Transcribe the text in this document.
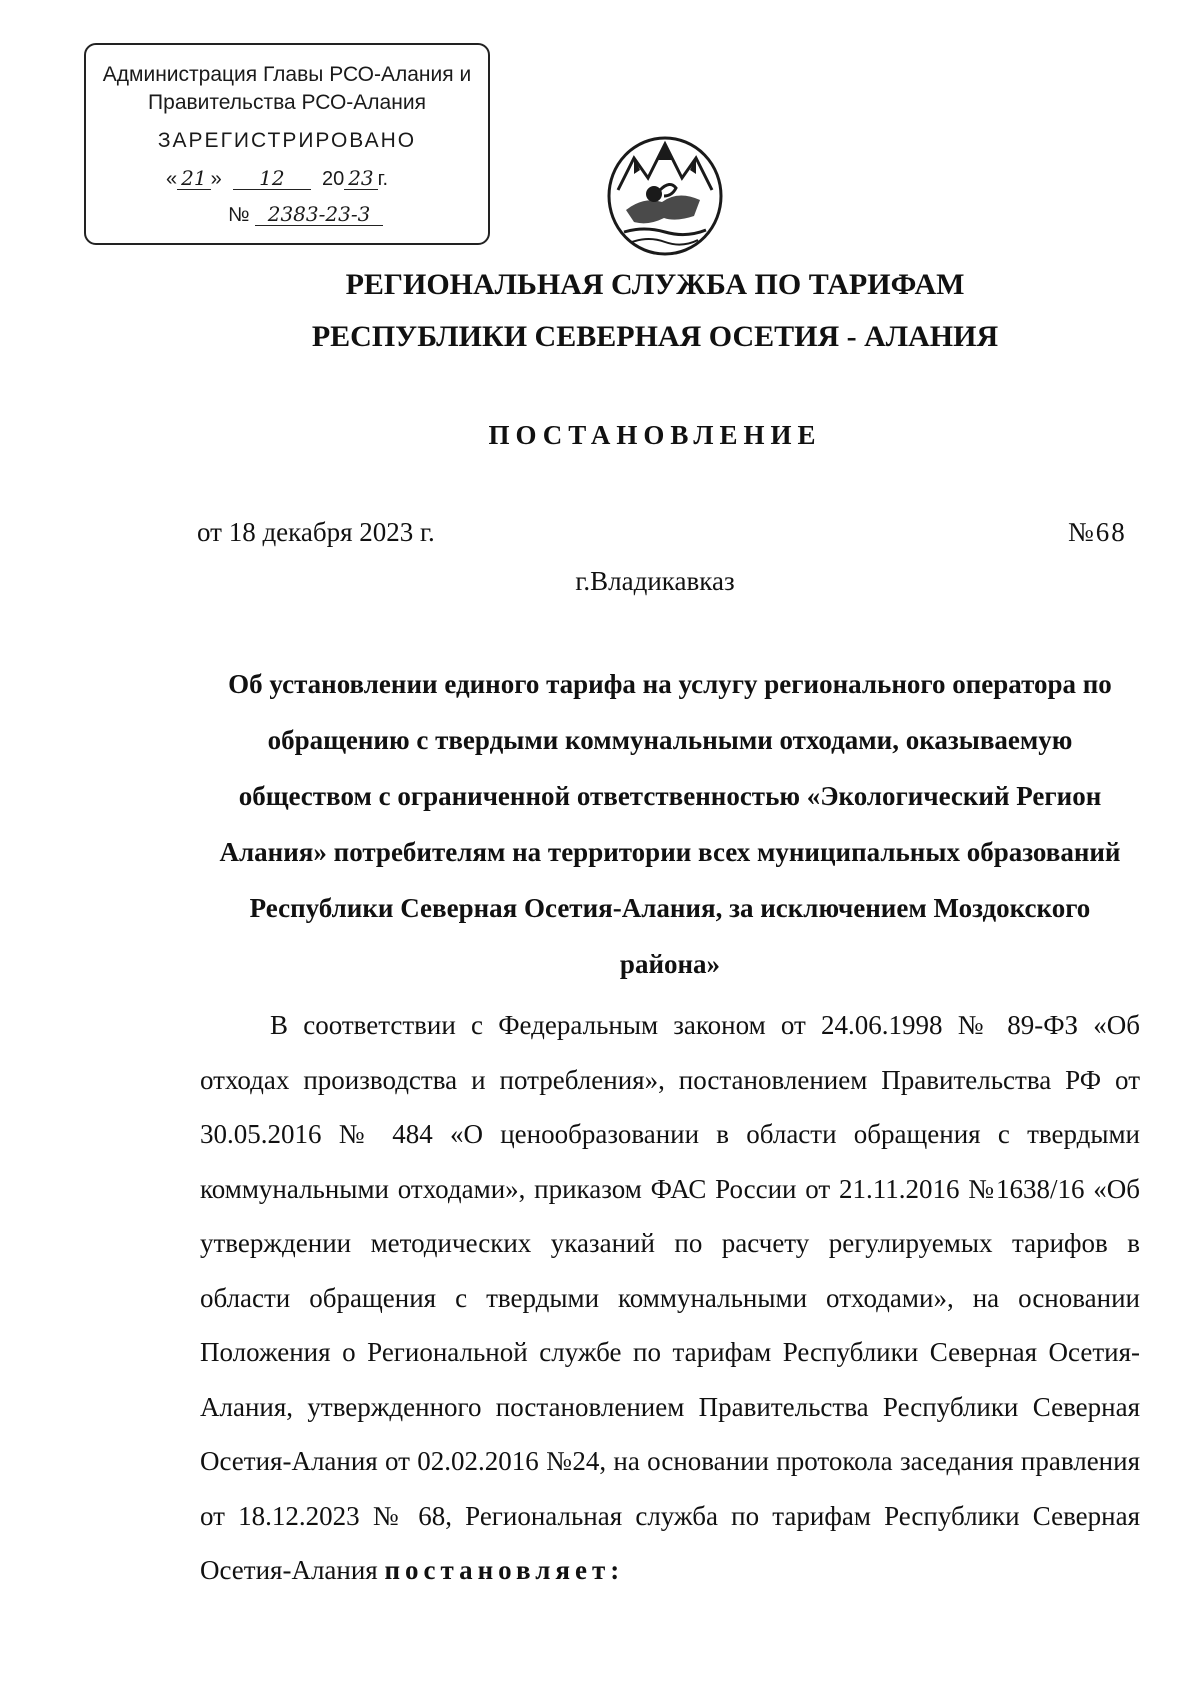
Администрация Главы РСО-Алания и
Правительства РСО-Алания
ЗАРЕГИСТРИРОВАНО
« 21 » 12 20 23 г.
№ 2383-23-3
РЕГИОНАЛЬНАЯ СЛУЖБА ПО ТАРИФАМ
РЕСПУБЛИКИ СЕВЕРНАЯ ОСЕТИЯ - АЛАНИЯ
ПОСТАНОВЛЕНИЕ
от 18 декабря 2023 г.	№68
г.Владикавказ
Об установлении единого тарифа на услугу регионального оператора по
обращению с твердыми коммунальными отходами, оказываемую
обществом с ограниченной ответственностью «Экологический Регион
Алания» потребителям на территории всех муниципальных образований
Республики Северная Осетия-Алания, за исключением Моздокского
района»
В соответствии с Федеральным законом от 24.06.1998 № 89-ФЗ «Об отходах производства и потребления», постановлением Правительства РФ от 30.05.2016 № 484 «О ценообразовании в области обращения с твердыми коммунальными отходами», приказом ФАС России от 21.11.2016 №1638/16 «Об утверждении методических указаний по расчету регулируемых тарифов в области обращения с твердыми коммунальными отходами», на основании Положения о Региональной службе по тарифам Республики Северная Осетия-Алания, утвержденного постановлением Правительства Республики Северная Осетия-Алания от 02.02.2016 №24, на основании протокола заседания правления от 18.12.2023 № 68, Региональная служба по тарифам Республики Северная Осетия-Алания постановляет:
